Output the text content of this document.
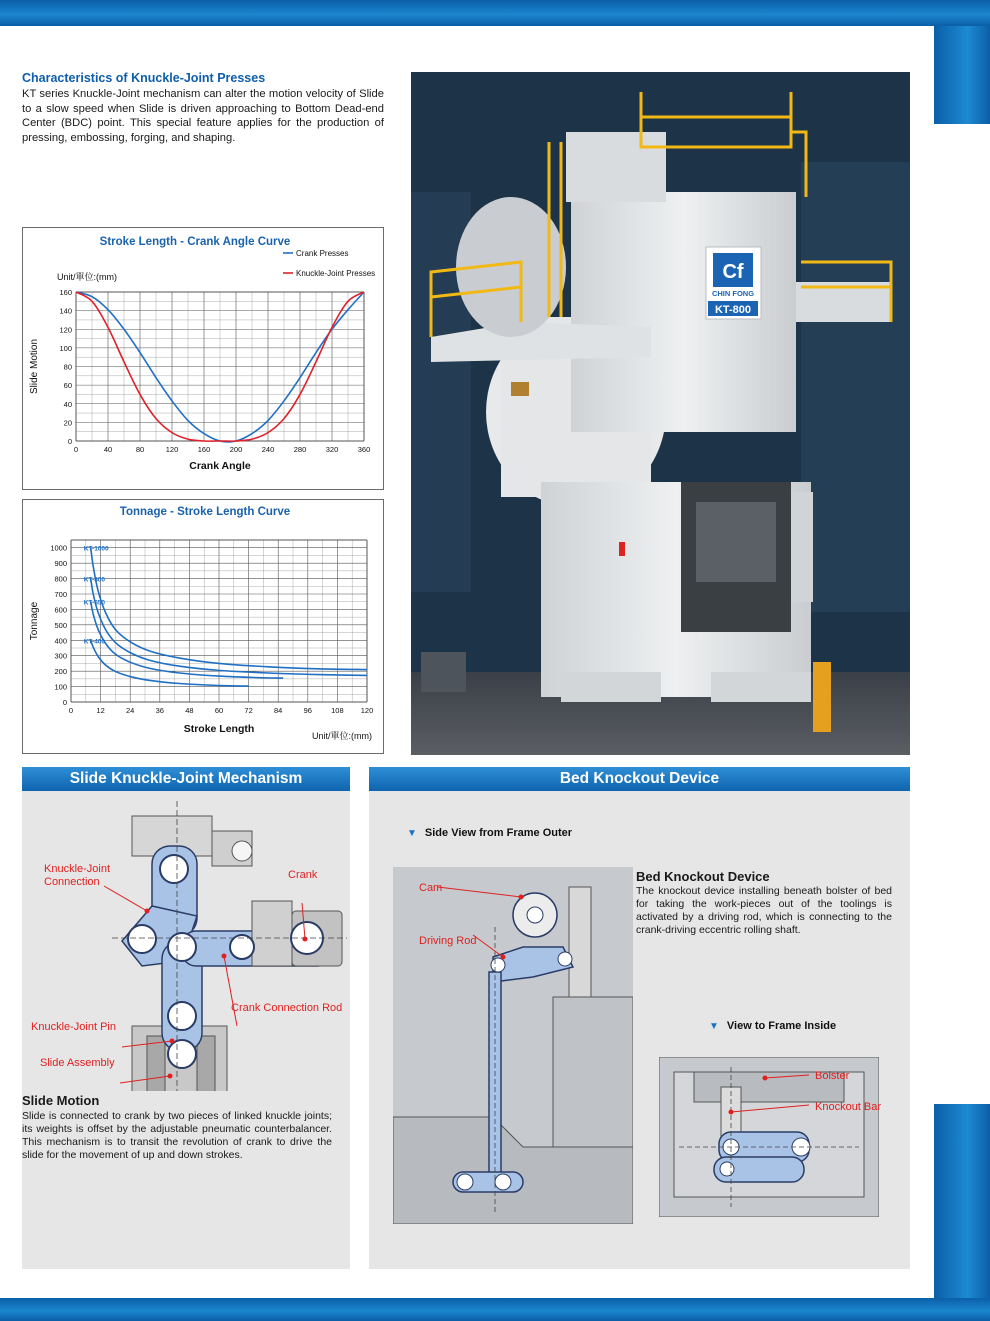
Characteristics of Knuckle-Joint Presses

KT series Knuckle-Joint mechanism can alter the motion velocity of Slide to a slow speed when Slide is driven approaching to Bottom Dead-end Center (BDC) point. This special feature applies for the production of pressing, embossing, forging, and shaping.

Stroke Length - Crank Angle Curve
0	40	80	120	160	200	240	280	320	360
0
20
40
60
80
100
120
140
160
Crank Angle
Slide Motion
Unit/單位:(mm)
Crank Presses
Knuckle-Joint Presses
Tonnage - Stroke Length Curve
0	12	24	36	48	60	72	84	96	108 120
0
100
200
300
400
500
600
700
800
900
1000
Stroke Length
Tonnage
Unit/單位:(mm)
KT-1000
KT-800
KT-650
KT-400
Cf
CHIN FONG
KT-800
Slide Knuckle-Joint Mechanism
Knuckle-Joint
Connection
Crank
Crank Connection Rod
Knuckle-Joint Pin
Slide Assembly
Slide Motion

Slide is connected to crank by two pieces of linked knuckle joints; its weights is offset by the adjustable pneumatic counterbalancer. This mechanism is to transit the revolution of crank to drive the slide for the movement of up and down strokes.

Bed Knockout Device
Cam
Driving Rod
Bolster
Knockout Bar
▼ Side View from Frame Outer
▼ View to Frame Inside
Bed Knockout Device

The knockout device installing beneath bolster of bed for taking the work-pieces out of the toolings is activated by a driving rod, which is connecting to the crank-driving eccentric rolling shaft.
